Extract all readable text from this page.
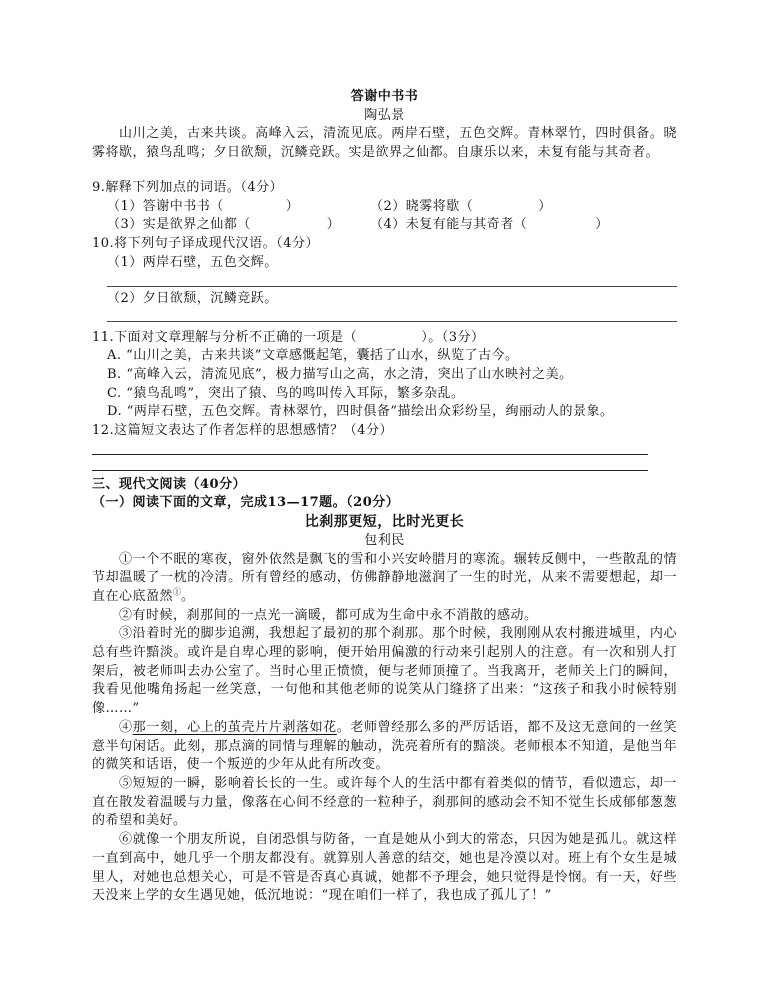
答谢中书书
陶弘景
山川之美，古来共谈。高峰入云，清流见底。两岸石壁，五色交辉。青林翠竹，四时俱备。晓
雾将歇，猿鸟乱鸣；夕日欲颓，沉鳞竞跃。实是欲界之仙都。自康乐以来，未复有能与其奇者。
9.解释下列加点的词语。（4分）
（1）答谢中书书（	）	（2）晓雾将歇（	）
（3）实是欲界之仙都（	）	（4）未复有能与其奇者（	）
10.将下列句子译成现代汉语。（4分）
（1）两岸石壁，五色交辉。
（2）夕日欲颓，沉鳞竞跃。
11.下面对文章理解与分析不正确的一项是（	）。（3分）
A. “山川之美，古来共谈”文章感慨起笔，囊括了山水，纵览了古今。
B. “高峰入云，清流见底”，极力描写山之高，水之清，突出了山水映衬之美。
C. “猿鸟乱鸣”，突出了猿、鸟的鸣叫传入耳际，繁多杂乱。
D. “两岸石壁，五色交辉。青林翠竹，四时俱备”描绘出众彩纷呈，绚丽动人的景象。
12.这篇短文表达了作者怎样的思想感情？（4分）
三、现代文阅读（40分）
（一）阅读下面的文章，完成13—17题。（20分）
比刹那更短，比时光更长
包利民
①一个不眠的寒夜，窗外依然是飘飞的雪和小兴安岭腊月的寒流。辗转反侧中，一些散乱的情
节却温暖了一枕的冷清。所有曾经的感动，仿佛静静地滋润了一生的时光，从来不需要想起，却一
直在心底盈然①。
②有时候，刹那间的一点光一滴暖，都可成为生命中永不消散的感动。
③沿着时光的脚步追溯，我想起了最初的那个刹那。那个时候，我刚刚从农村搬进城里，内心
总有些许黯淡。或许是自卑心理的影响，便开始用偏激的行动来引起别人的注意。有一次和别人打
架后，被老师叫去办公室了。当时心里正愤愤，便与老师顶撞了。当我离开，老师关上门的瞬间，
我看见他嘴角扬起一丝笑意，一句他和其他老师的说笑从门缝挤了出来：“这孩子和我小时候特别
像……”
④那一刻，心上的茧壳片片剥落如花。老师曾经那么多的严厉话语，都不及这无意间的一丝笑
意半句闲话。此刻，那点滴的同情与理解的触动，洗亮着所有的黯淡。老师根本不知道，是他当年
的微笑和话语，使一个叛逆的少年从此有所改变。
⑤短短的一瞬，影响着长长的一生。或许每个人的生活中都有着类似的情节，看似遗忘，却一
直在散发着温暖与力量，像落在心间不经意的一粒种子，刹那间的感动会不知不觉生长成郁郁葱葱
的希望和美好。
⑥就像一个朋友所说，自闭恐惧与防备，一直是她从小到大的常态，只因为她是孤儿。就这样
一直到高中，她几乎一个朋友都没有。就算别人善意的结交，她也是冷漠以对。班上有个女生是城
里人，对她也总想关心，可是不管是否真心真诚，她都不予理会，她只觉得是怜悯。有一天，好些
天没来上学的女生遇见她，低沉地说：“现在咱们一样了，我也成了孤儿了！”
